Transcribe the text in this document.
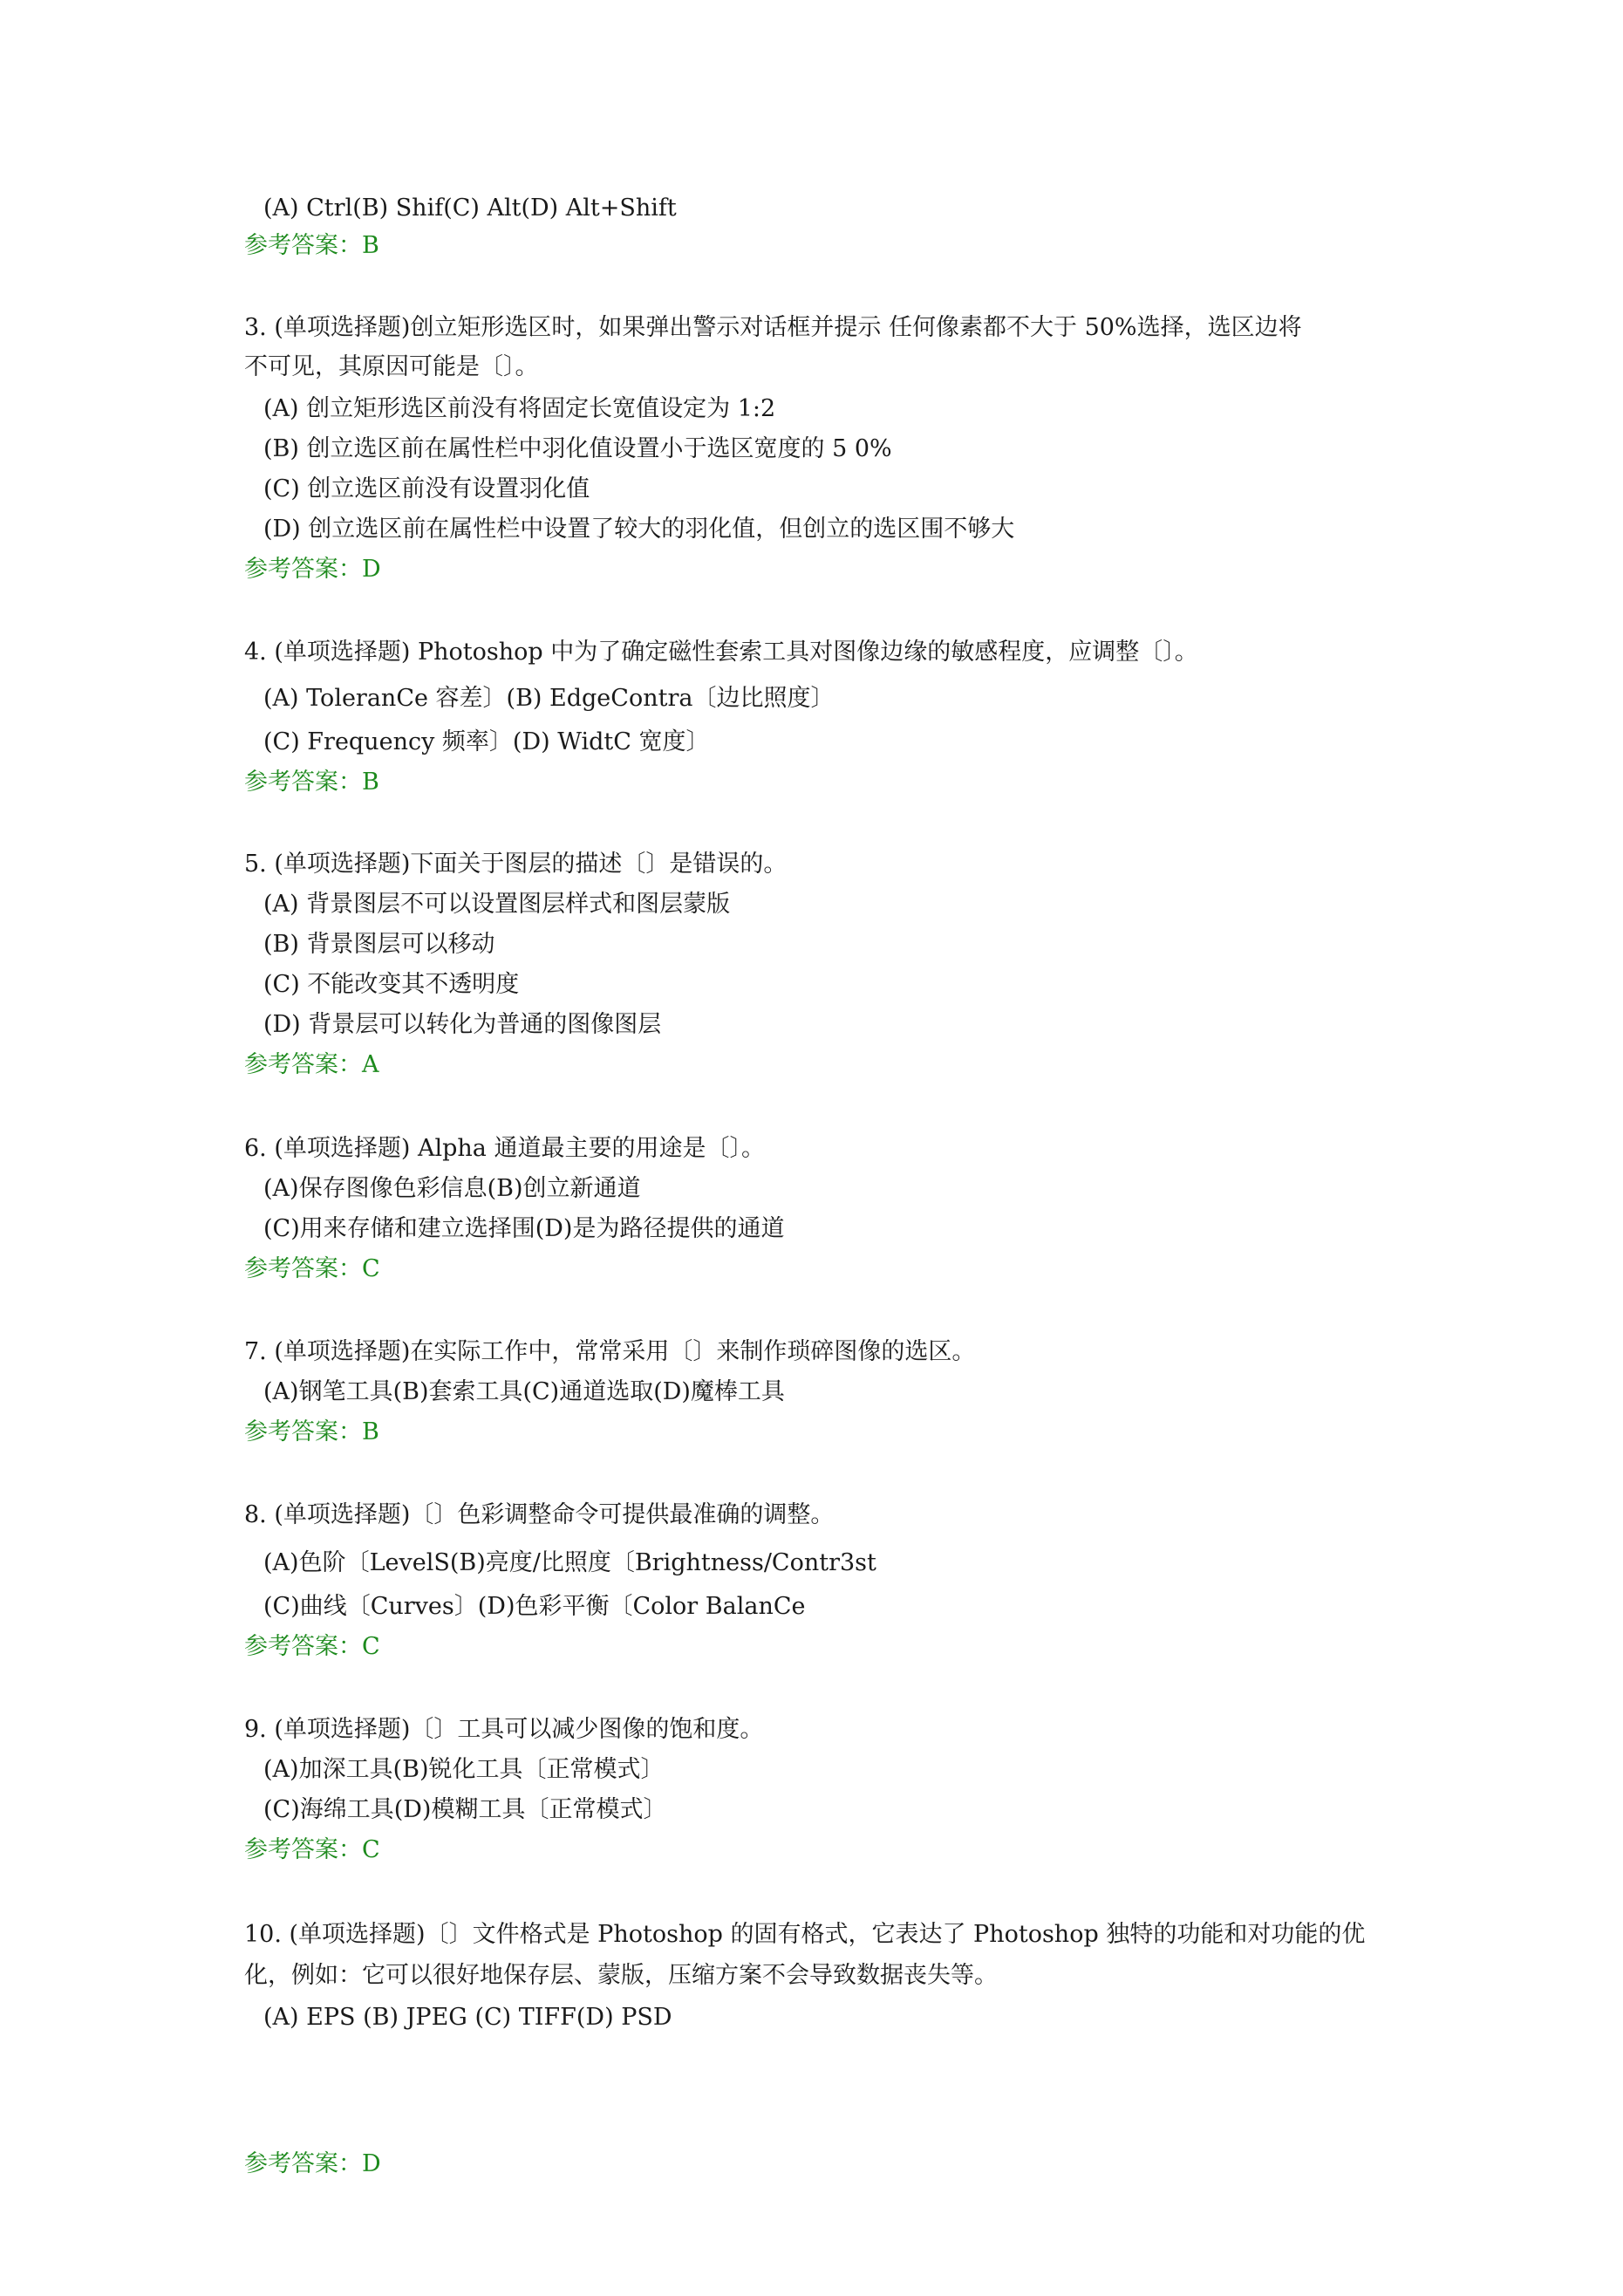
(A) Ctrl(B) Shif(C) Alt(D) Alt+Shift
参考答案：B
3. (单项选择题)创立矩形选区时，如果弹出警示对话框并提示 任何像素都不大于 50%选择，选区边将
不可见，其原因可能是〔〕。
(A) 创立矩形选区前没有将固定长宽值设定为 1:2
(B) 创立选区前在属性栏中羽化值设置小于选区宽度的 5 0%
(C) 创立选区前没有设置羽化值
(D) 创立选区前在属性栏中设置了较大的羽化值，但创立的选区围不够大
参考答案：D
4. (单项选择题) Photoshop 中为了确定磁性套索工具对图像边缘的敏感程度，应调整〔〕。
(A) ToleranCe 容差〕(B) EdgeContra〔边比照度〕
(C) Frequency 频率〕(D) WidtC 宽度〕
参考答案：B
5. (单项选择题)下面关于图层的描述〔〕是错误的。
(A) 背景图层不可以设置图层样式和图层蒙版
(B) 背景图层可以移动
(C) 不能改变其不透明度
(D) 背景层可以转化为普通的图像图层
参考答案：A
6. (单项选择题) Alpha 通道最主要的用途是〔〕。
(A)保存图像色彩信息(B)创立新通道
(C)用来存储和建立选择围(D)是为路径提供的通道
参考答案：C
7. (单项选择题)在实际工作中，常常采用〔〕来制作琐碎图像的选区。
(A)钢笔工具(B)套索工具(C)通道选取(D)魔棒工具
参考答案：B
8. (单项选择题)〔〕色彩调整命令可提供最准确的调整。
(A)色阶〔LevelS(B)亮度/比照度〔Brightness/Contr3st
(C)曲线〔Curves〕(D)色彩平衡〔Color BalanCe
参考答案：C
9. (单项选择题)〔〕工具可以减少图像的饱和度。
(A)加深工具(B)锐化工具〔正常模式〕
(C)海绵工具(D)模糊工具〔正常模式〕
参考答案：C
10. (单项选择题)〔〕文件格式是 Photoshop 的固有格式，它表达了 Photoshop 独特的功能和对功能的优
化，例如：它可以很好地保存层、蒙版，压缩方案不会导致数据丧失等。
(A) EPS (B) JPEG (C) TIFF(D) PSD
参考答案：D
